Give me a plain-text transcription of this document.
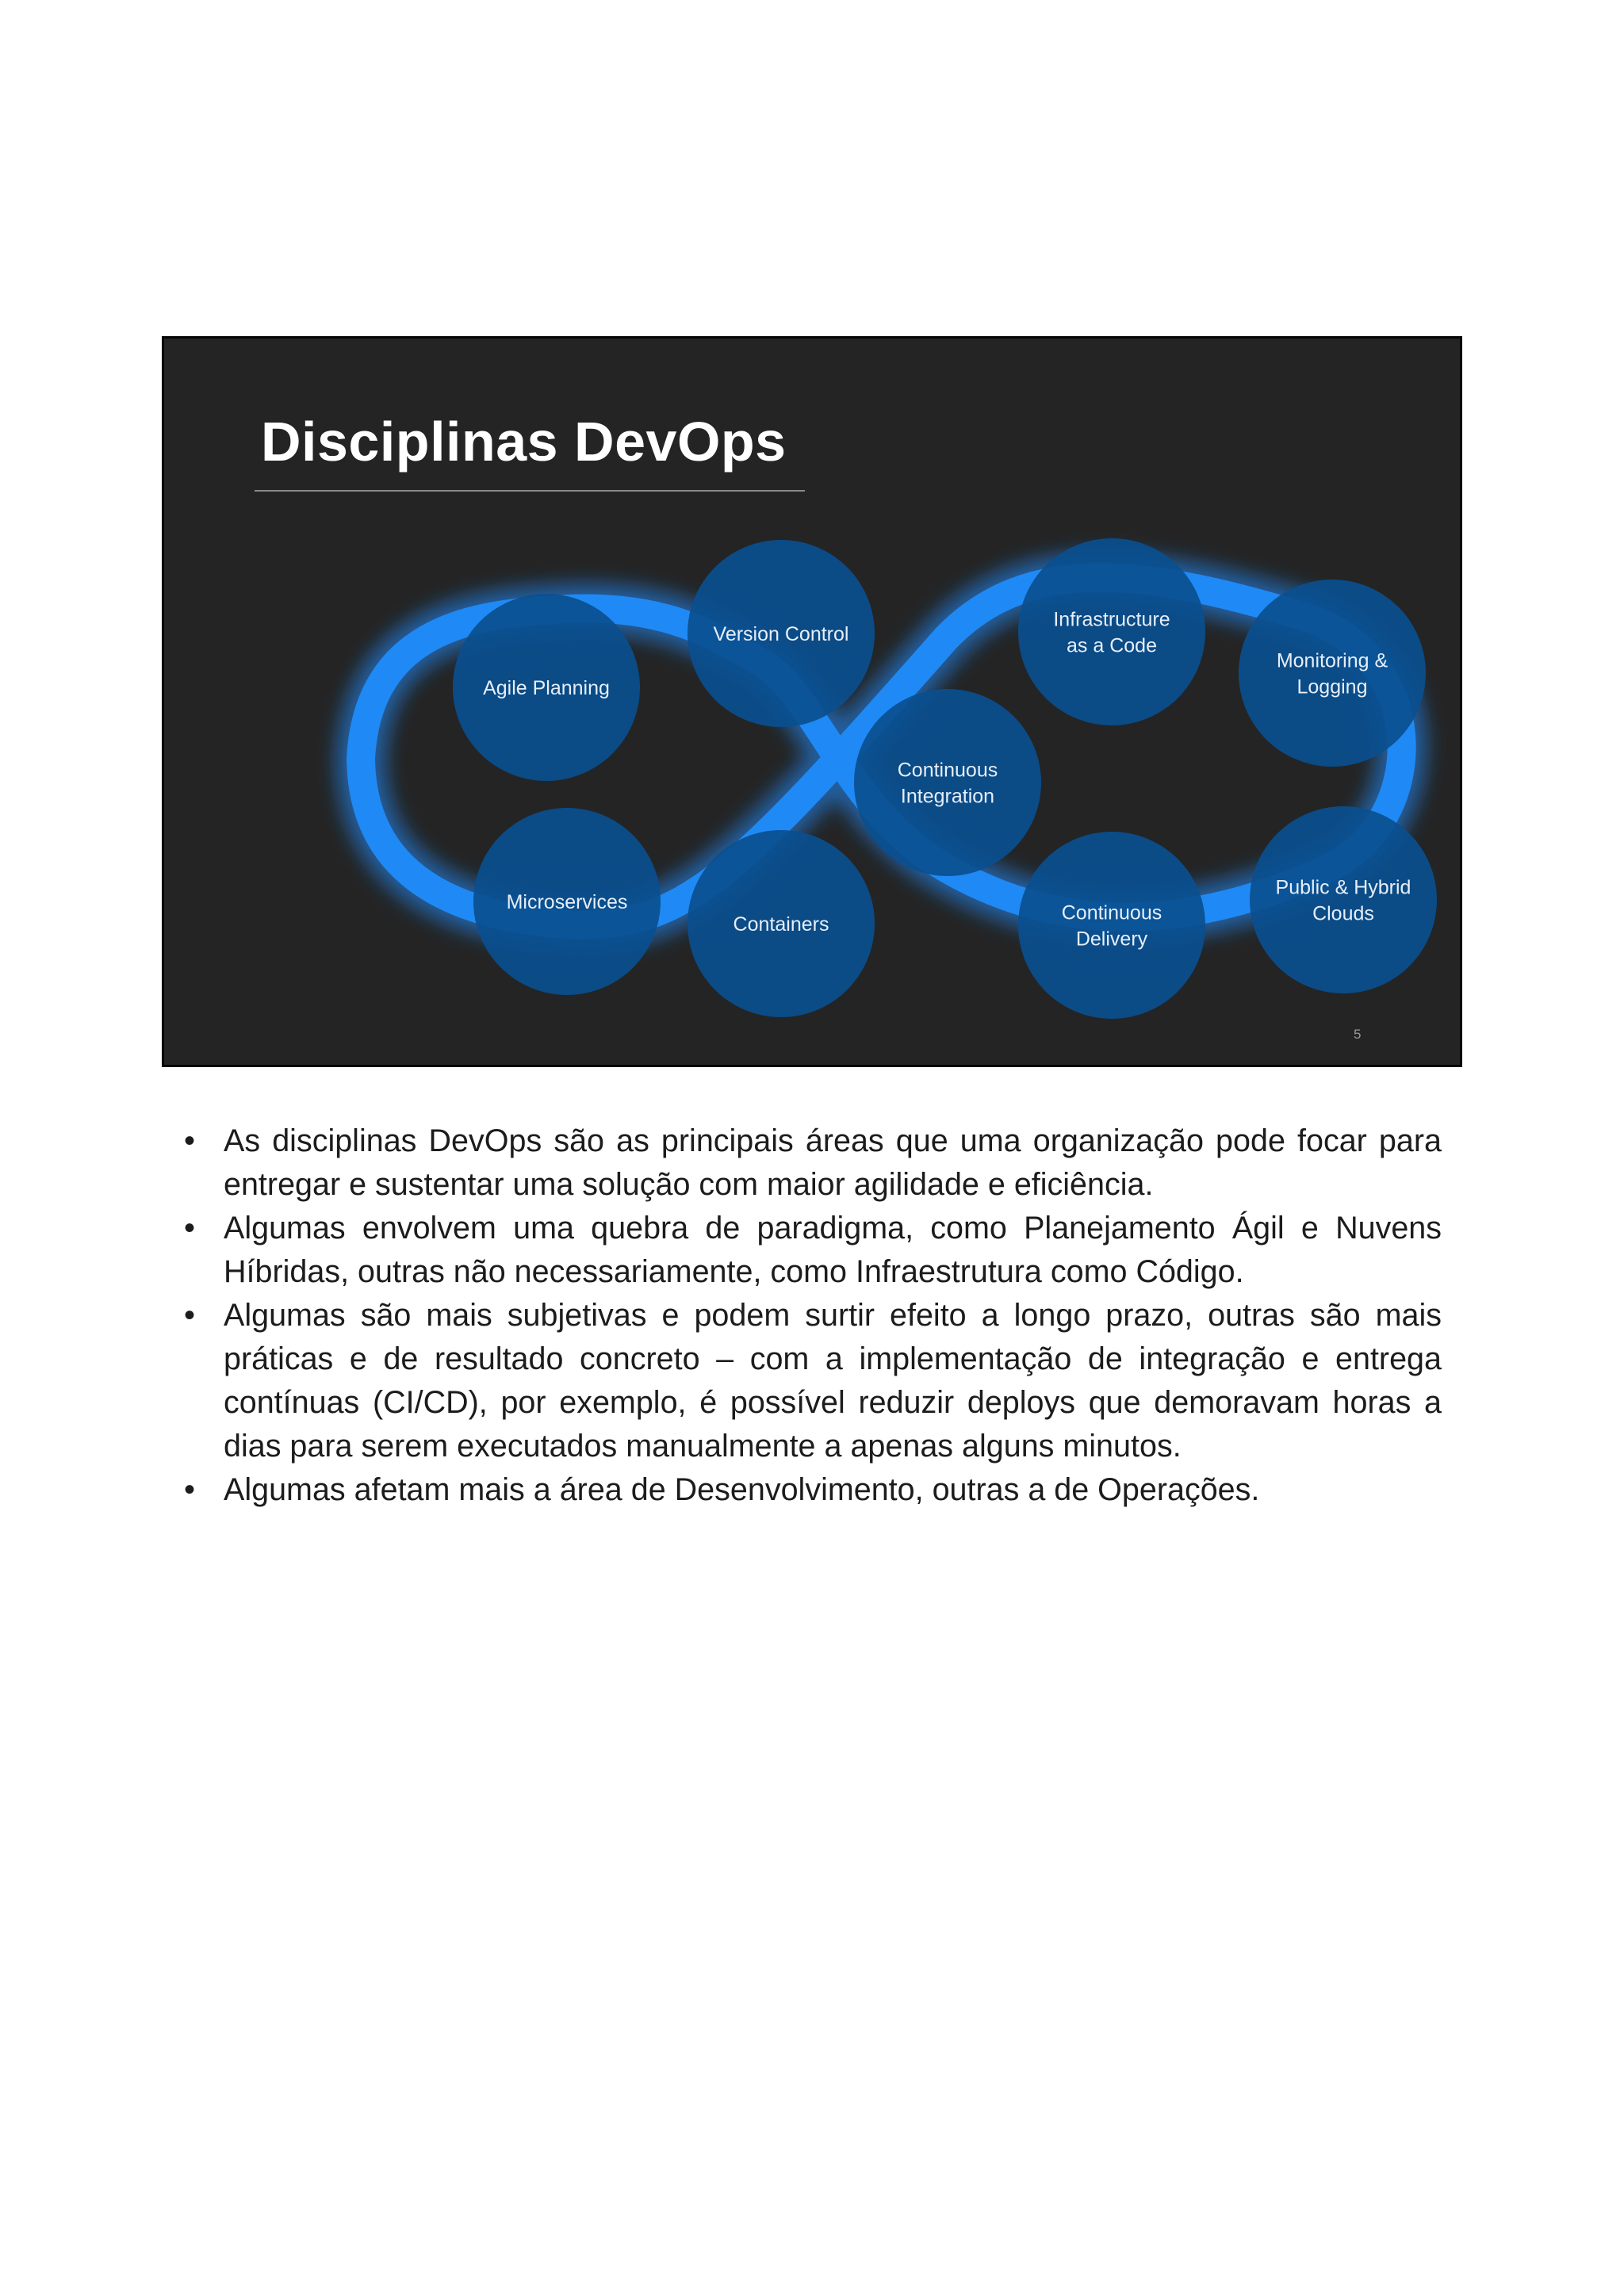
Disciplinas DevOps
Agile Planning
Version Control
Continuous
Integration
Infrastructure
as a Code
Monitoring &
Logging
Microservices
Containers
Continuous
Delivery
Public & Hybrid
Clouds
5
• As disciplinas DevOps são as principais áreas que uma organização pode focar para entregar e sustentar uma solução com maior agilidade e eficiência.
• Algumas envolvem uma quebra de paradigma, como Planejamento Ágil e Nuvens Híbridas, outras não necessariamente, como Infraestrutura como Código.
• Algumas são mais subjetivas e podem surtir efeito a longo prazo, outras são mais práticas e de resultado concreto – com a implementação de integração e entrega contínuas (CI/CD), por exemplo, é possível reduzir deploys que demoravam horas a dias para serem executados manualmente a apenas alguns minutos.
• Algumas afetam mais a área de Desenvolvimento, outras a de Operações.
